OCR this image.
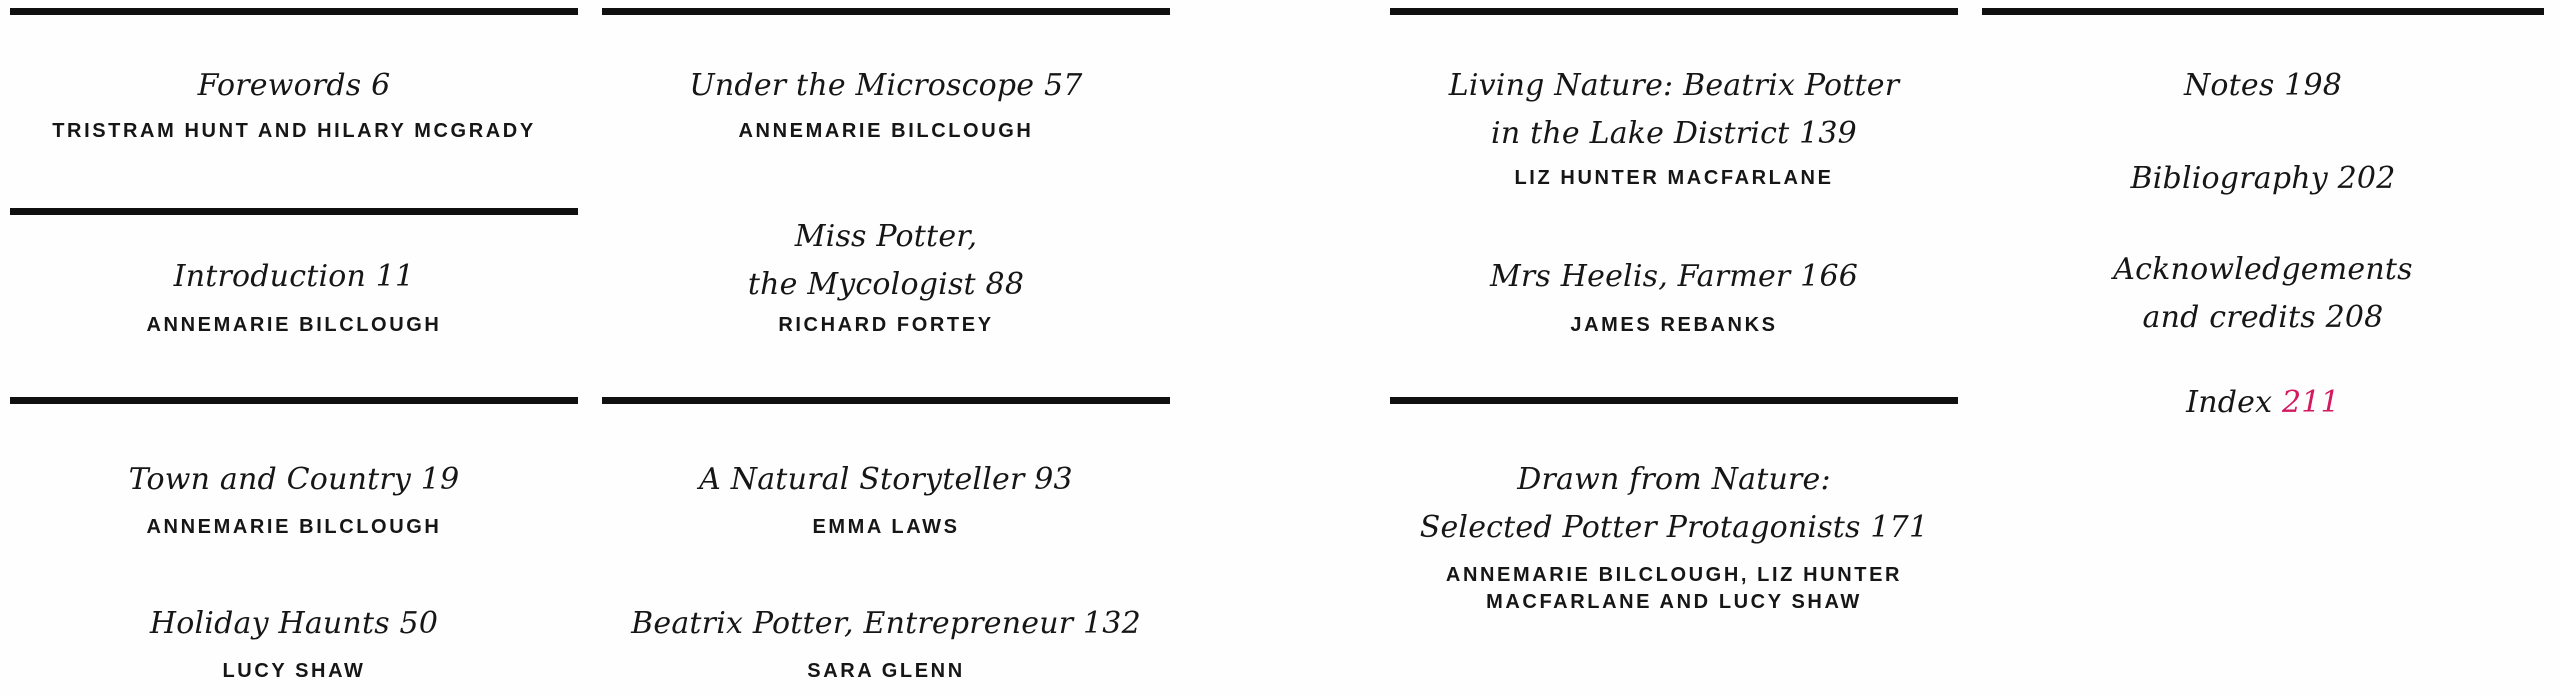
Forewords 6
TRISTRAM HUNT AND HILARY MCGRADY
Introduction 11
ANNEMARIE BILCLOUGH
Town and Country 19
ANNEMARIE BILCLOUGH
Holiday Haunts 50
LUCY SHAW
Under the Microscope 57
ANNEMARIE BILCLOUGH
Miss Potter,
the Mycologist 88
RICHARD FORTEY
A Natural Storyteller 93
EMMA LAWS
Beatrix Potter, Entrepreneur 132
SARA GLENN
Living Nature: Beatrix Potter
in the Lake District 139
LIZ HUNTER MACFARLANE
Mrs Heelis, Farmer 166
JAMES REBANKS
Drawn from Nature:
Selected Potter Protagonists 171
ANNEMARIE BILCLOUGH, LIZ HUNTER
MACFARLANE AND LUCY SHAW
Notes 198
Bibliography 202
Acknowledgements
and credits 208
Index 211
